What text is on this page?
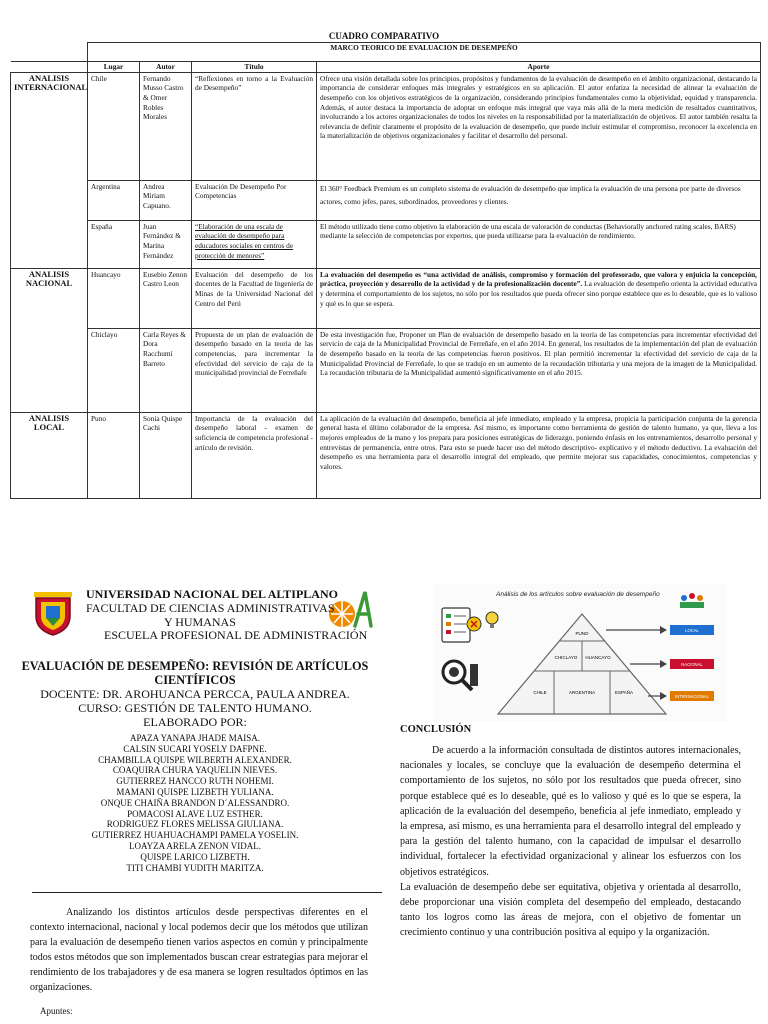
CUADRO COMPARATIVO
	MARCO TEORICO DE EVALUACION DE DESEMPEÑO			
	Lugar	Autor	Título	Aporte
ANALISIS INTERNACIONAL	Chile	Fernando Musso Castro & Omer Robles Morales	“Reflexiones en torno a la Evaluación de Desempeño”	Ofrece una visión detallada sobre los principios, propósitos y fundamentos de la evaluación de desempeño en el ámbito organizacional, destacando la importancia de considerar enfoques más integrales y estratégicos en su aplicación. El autor enfatiza la necesidad de alinear la evaluación de desempeño con los objetivos estratégicos de la organización, considerando principios fundamentales como la objetividad, equidad y transparencia. Además, el autor destaca la importancia de adoptar un enfoque más integral que vaya más allá de la mera medición de resultados cuantitativos, involucrando a los actores organizacionales de todos los niveles en la responsabilidad por la materialización de objetivos. El autor también resalta la relevancia de definir claramente el propósito de la evaluación de desempeño, que puede incluir estimular el compromiso, reconocer la excelencia en la materialización de objetivos organizacionales y facilitar el desarrollo del personal.
	Argentina	Andrea Miriam Capuano.	Evaluación De Desempeño Por Competencias	El 360° Feedback Premium es un completo sistema de evaluación de desempeño que implica la evaluación de una persona por parte de diversos actores, como jefes, pares, subordinados, proveedores y clientes.
	España	Juan Fernández & Marina Fernández	“Elaboración de una escala de evaluación de desempeño para educadores sociales en centros de protección de menores”	El método utilizado tiene como objetivo la elaboración de una escala de valoración de conductas (Behaviorally anchored rating scales, BARS) mediante la selección de competencias por expertos, que pueda utilizarse para la evaluación de rendimiento.
ANALISIS NACIONAL	Huancayo	Eusebio Zenon Castro Leon	Evaluación del desempeño de los docentes de la Facultad de Ingeniería de Minas de la Universidad Nacional del Centro del Perú	La evaluación del desempeño es “una actividad de análisis, compromiso y formación del profesorado, que valora y enjuicia la concepción, práctica, proyección y desarrollo de la actividad y de la profesionalización docente”. La evaluación de desempeño orienta la actividad educativa y determina el comportamiento de los sujetos, no sólo por los resultados que pueda ofrecer sino porque establece que es lo deseable, que es lo valioso y qué es lo que se espera.
	Chiclayo	Carla Reyes & Dora Racchumí Barreto	Propuesta de un plan de evaluación de desempeño basado en la teoría de las competencias, para incrementar la efectividad del servicio de caja de la municipalidad provincial de Ferreñafe	De esta investigación fue, Proponer un Plan de evaluación de desempeño basado en la teoría de las competencias para incrementar efectividad del servicio de caja de la Municipalidad Provincial de Ferreñafe, en el año 2014. En general, los resultados de la implementación del plan de evaluación de desempeño basado en la teoría de las competencias fueron positivos. El plan permitió incrementar la efectividad del servicio de caja de la Municipalidad Provincial de Ferreñafe, lo que se tradujo en un aumento de la recaudación tributaria y una mejora de la imagen de la Municipalidad. La recaudación tributaria de la Municipalidad aumentó significativamente en el año 2015.
ANALISIS LOCAL	Puno	Sonia Quispe Cachi	Importancia de la evaluación del desempeño laboral - examen de suficiencia de competencia profesional - artículo de revisión.	La aplicación de la evaluación del desempeño, beneficia al jefe inmediato, empleado y la empresa, propicia la participación conjunta de la gerencia general hasta el último colaborador de la empresa. Así mismo, es importante como herramienta de gestión de talento humano, ya que, lleva a los mejores empleados de la mano y los prepara para posiciones estratégicas de liderazgo, poniendo énfasis en los entrenamientos, desarrollo personal y entrevistas de permanencia, entre otros. Para esto se puede hacer uso del método descriptivo- explicativo y el método deductivo. La evaluación del desempeño es una herramienta para el desarrollo integral del empleado, que permite mejorar sus capacidades, conocimientos, competencias y valores.
UNIVERSIDAD NACIONAL DEL ALTIPLANO
FACULTAD DE CIENCIAS ADMINISTRATIVAS
Y HUMANAS
ESCUELA PROFESIONAL DE ADMINISTRACIÓN
EVALUACIÓN DE DESEMPEÑO: REVISIÓN DE ARTÍCULOS CIENTÍFICOS
DOCENTE: DR. AROHUANCA PERCCA, PAULA ANDREA.
CURSO: GESTIÓN DE TALENTO HUMANO.
ELABORADO POR:
APAZA YANAPA JHADE MAISA.
CALSIN SUCARI YOSELY DAFPNE.
CHAMBILLA QUISPE WILBERTH ALEXANDER.
COAQUIRA CHURA YAQUELIN NIEVES.
GUTIERREZ HANCCO RUTH NOHEMI.
MAMANI QUISPE LIZBETH YULIANA.
ONQUE CHAIÑA BRANDON D´ALESSANDRO.
POMACOSI ALAVE LUZ ESTHER.
RODRIGUEZ FLORES MELISSA GIULIANA.
GUTIERREZ HUAHUACHAMPI PAMELA YOSELIN.
LOAYZA ARELA ZENON VIDAL.
QUISPE LARICO LIZBETH.
TITI CHAMBI YUDITH MARITZA.
Analizando los distintos artículos desde perspectivas diferentes en el contexto internacional, nacional y local podemos decir que los métodos que utilizan para la evaluación de desempeño tienen varios aspectos en común y principalmente todos estos métodos que son implementados buscan crear estrategias para mejorar el rendimiento de los trabajadores y de esa manera se logren resultados óptimos en las organizaciones.
Apuntes:
Análisis de los artículos sobre evaluación de desempeño
PUNO
CHICLAYO HUANCAYO
CHILE	ARGENTINA	ESPAÑA
LOCAL
NACIONAL
INTERNACIONAL
CONCLUSIÓN

De acuerdo a la información consultada de distintos autores internacionales, nacionales y locales, se concluye que la evaluación de desempeño determina el comportamiento de los sujetos, no sólo por los resultados que pueda ofrecer, sino porque establece qué es lo deseable, qué es lo valioso y qué es lo que se espera, la aplicación de la evaluación del desempeño, beneficia al jefe inmediato, empleado y la empresa, así mismo, es una herramienta para el desarrollo integral del empleado y para la gestión del talento humano, con la capacidad de impulsar el desarrollo individual, fortalecer la efectividad organizacional y alinear los esfuerzos con los objetivos estratégicos.

La evaluación de desempeño debe ser equitativa, objetiva y orientada al desarrollo, debe proporcionar una visión completa del desempeño del empleado, destacando tanto los logros como las áreas de mejora, con el objetivo de fomentar un crecimiento continuo y una contribución positiva al equipo y la organización.
